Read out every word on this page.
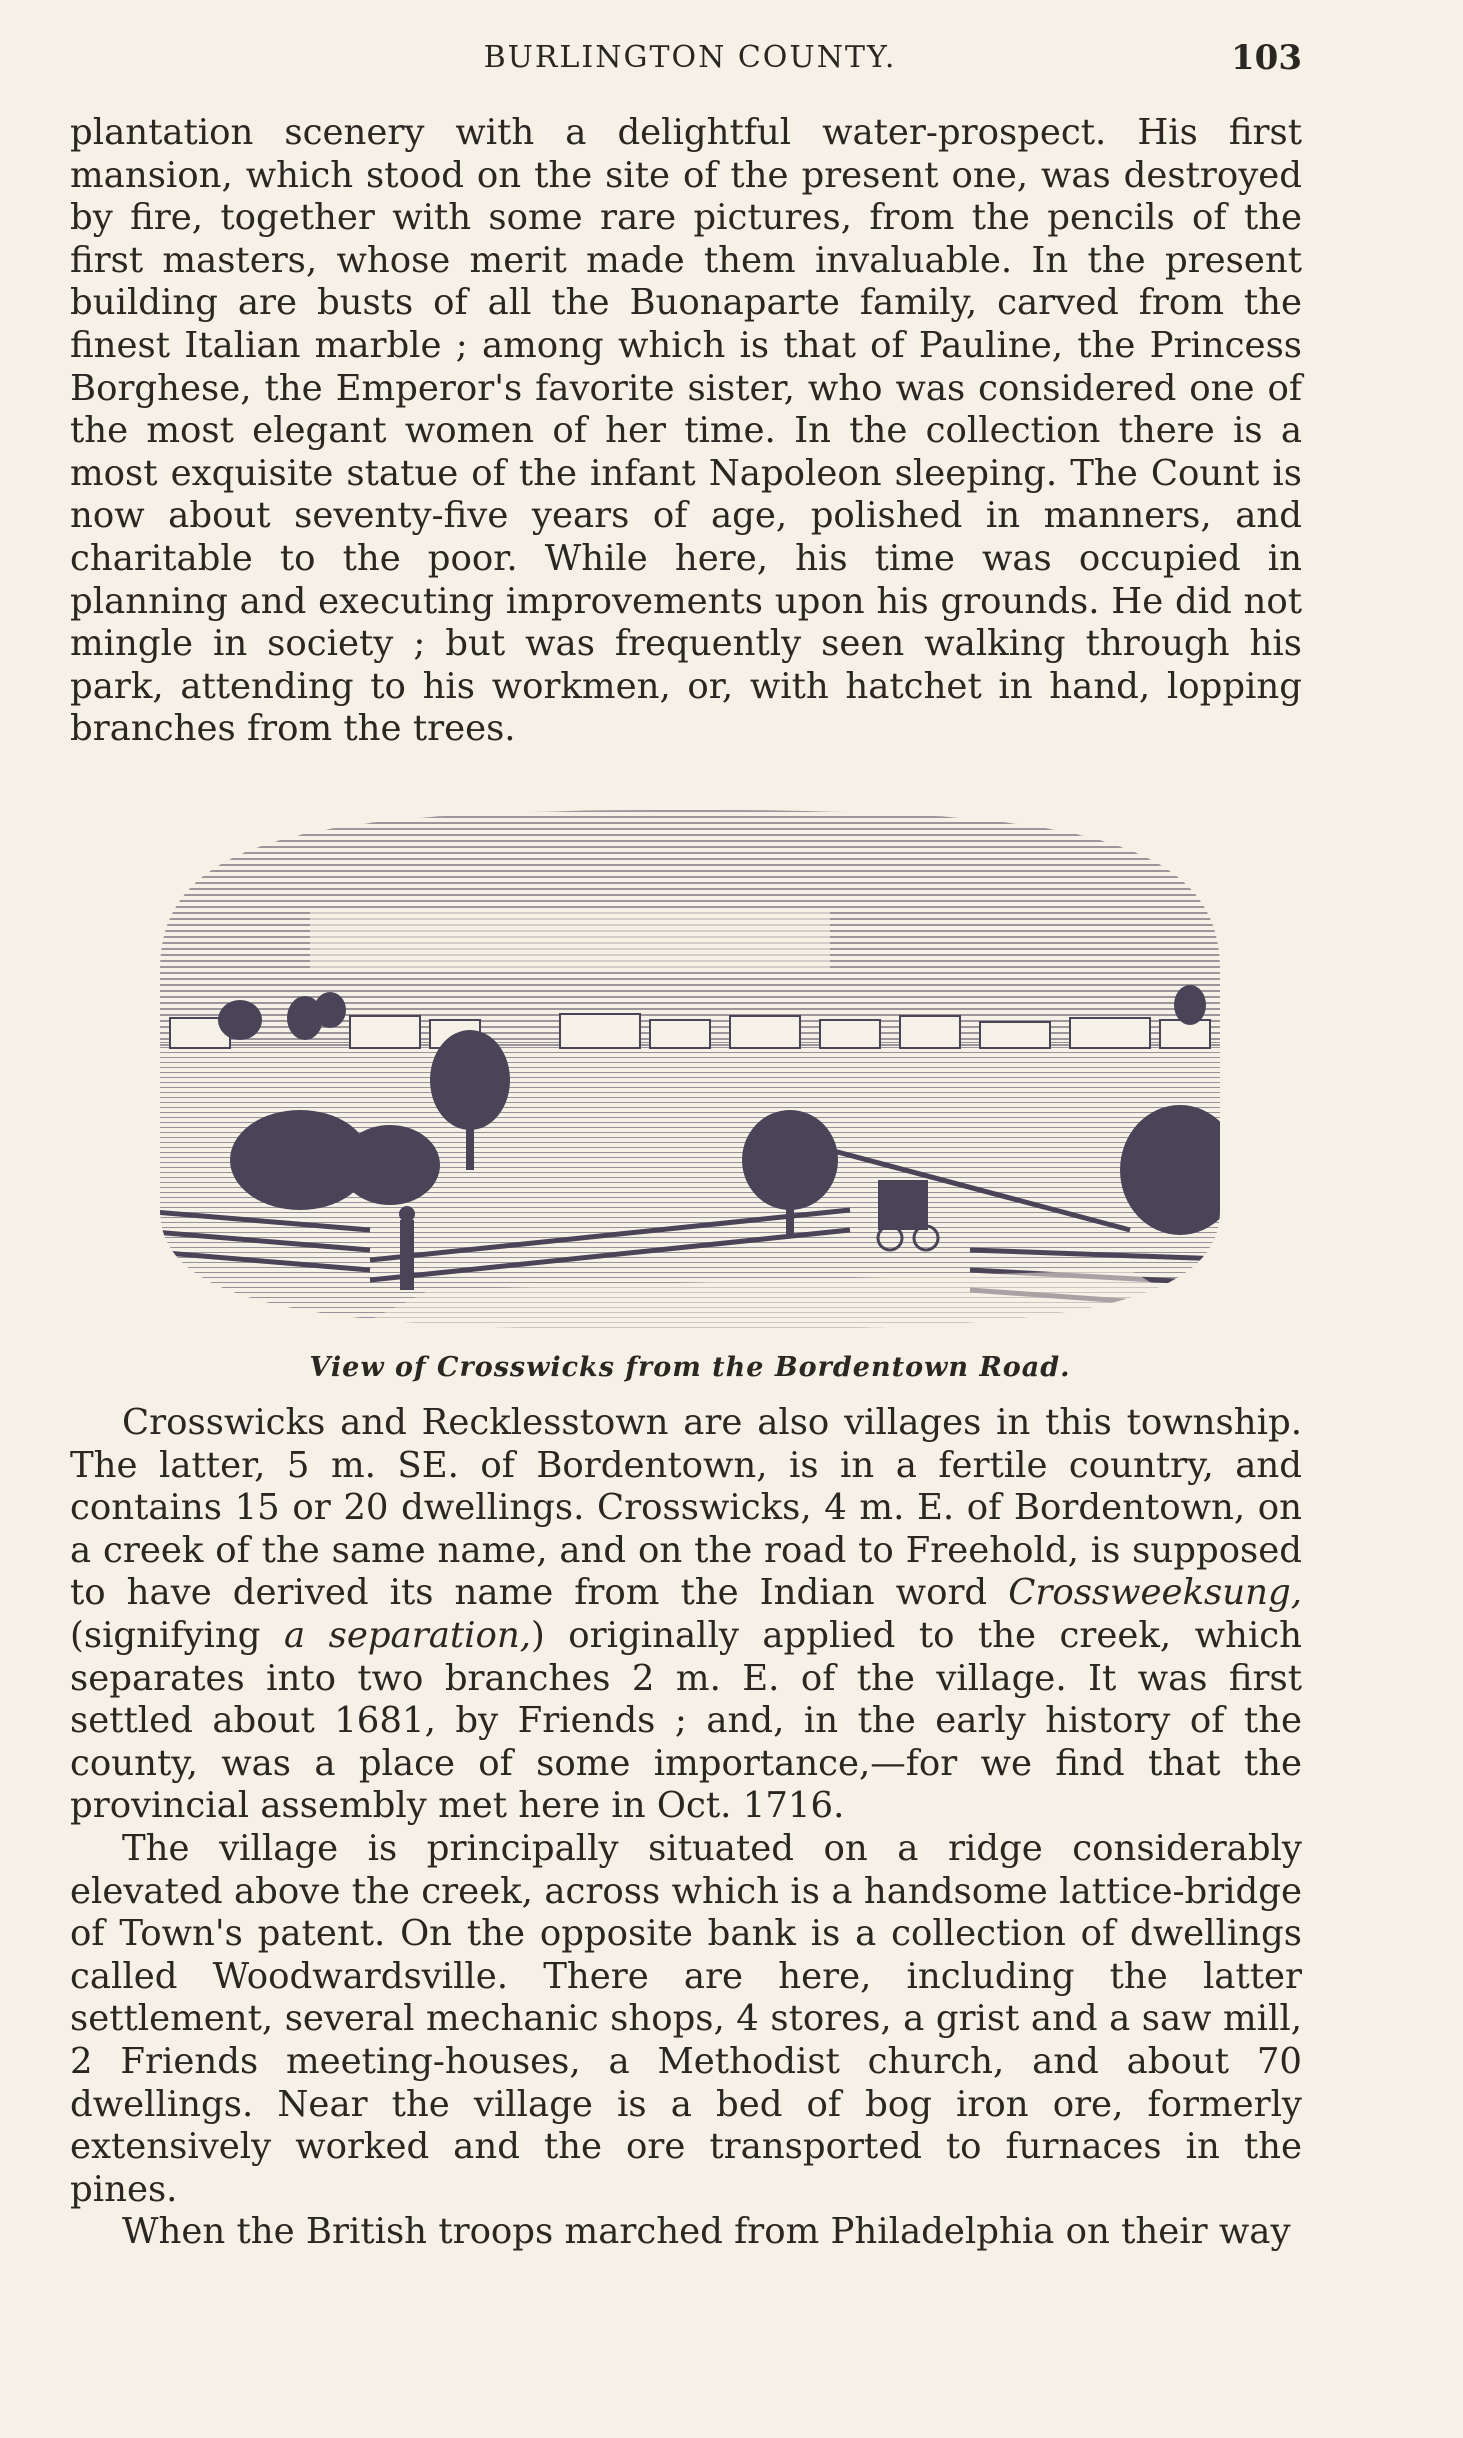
BURLINGTON COUNTY.	103

plantation scenery with a delightful water-prospect. His first mansion, which stood on the site of the present one, was destroyed by fire, together with some rare pictures, from the pencils of the first masters, whose merit made them invaluable. In the present building are busts of all the Buonaparte family, carved from the finest Italian marble ; among which is that of Pauline, the Princess Borghese, the Emperor's favorite sister, who was considered one of the most elegant women of her time. In the collection there is a most exquisite statue of the infant Napoleon sleeping. The Count is now about seventy-five years of age, polished in manners, and charitable to the poor. While here, his time was occupied in planning and executing improvements upon his grounds. He did not mingle in society ; but was frequently seen walking through his park, attending to his workmen, or, with hatchet in hand, lopping branches from the trees.

View of Crosswicks from the Bordentown Road.

Crosswicks and Recklesstown are also villages in this township. The latter, 5 m. SE. of Bordentown, is in a fertile country, and contains 15 or 20 dwellings. Crosswicks, 4 m. E. of Bordentown, on a creek of the same name, and on the road to Freehold, is supposed to have derived its name from the Indian word Crossweeksung, (signifying a separation,) originally applied to the creek, which separates into two branches 2 m. E. of the village. It was first settled about 1681, by Friends ; and, in the early history of the county, was a place of some importance,—for we find that the provincial assembly met here in Oct. 1716.

The village is principally situated on a ridge considerably elevated above the creek, across which is a handsome lattice-bridge of Town's patent. On the opposite bank is a collection of dwellings called Woodwardsville. There are here, including the latter settlement, several mechanic shops, 4 stores, a grist and a saw mill, 2 Friends meeting-houses, a Methodist church, and about 70 dwellings. Near the village is a bed of bog iron ore, formerly extensively worked and the ore transported to furnaces in the pines.

When the British troops marched from Philadelphia on their way
